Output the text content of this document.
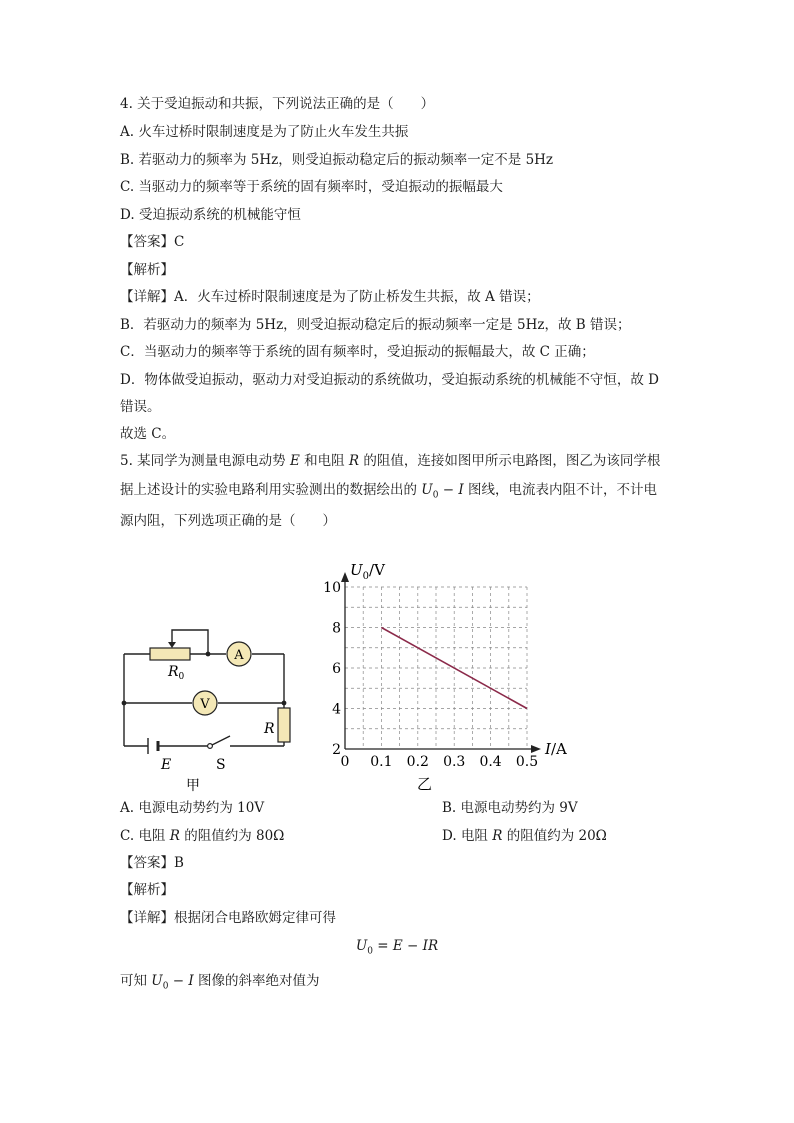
4. 关于受迫振动和共振，下列说法正确的是（　　）
A. 火车过桥时限制速度是为了防止火车发生共振
B. 若驱动力的频率为 5Hz，则受迫振动稳定后的振动频率一定不是 5Hz
C. 当驱动力的频率等于系统的固有频率时，受迫振动的振幅最大
D. 受迫振动系统的机械能守恒
【答案】C
【解析】
【详解】A．火车过桥时限制速度是为了防止桥发生共振，故 A 错误；
B．若驱动力的频率为 5Hz，则受迫振动稳定后的振动频率一定是 5Hz，故 B 错误；
C．当驱动力的频率等于系统的固有频率时，受迫振动的振幅最大，故 C 正确；
D．物体做受迫振动，驱动力对受迫振动的系统做功，受迫振动系统的机械能不守恒，故 D
错误。
故选 C。
5. 某同学为测量电源电动势 E 和电阻 R 的阻值，连接如图甲所示电路图，图乙为该同学根
据上述设计的实验电路利用实验测出的数据绘出的 $U_0 - I$ 图线，电流表内阻不计，不计电
源内阻，下列选项正确的是（　　）
A
V
$R_0$
R
E	S
甲
0 0.1 0.2 0.3 0.4 0.5
2
4
6
8
10
$U_0/V$
I/A
乙
A. 电源电动势约为 10V	B. 电源电动势约为 9V
C. 电阻 R 的阻值约为 80Ω	D. 电阻 R 的阻值约为 20Ω
【答案】B
【解析】
【详解】根据闭合电路欧姆定律可得
$U_0 = E$ − IR
可知 $U_0 - I$ 图像的斜率绝对值为
